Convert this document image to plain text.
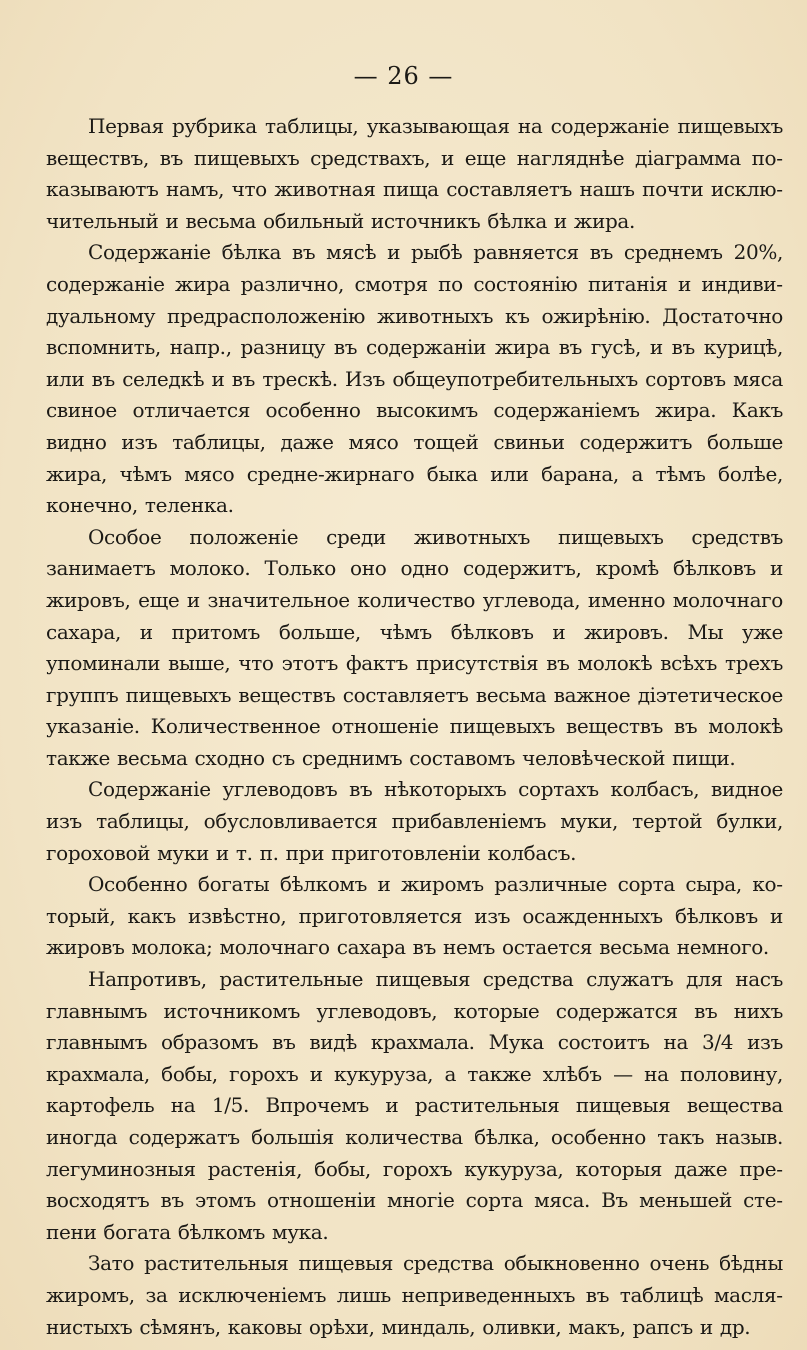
— 26 —

Первая рубрика таблицы, указывающая на содержанiе пищевыхъ веществъ, въ пищевыхъ средствахъ, и еще нагляднѣе дiаграмма показываютъ намъ, что животная пища составляетъ нашъ почти исключительный и весьма обильный источникъ бѣлка и жира.

Содержанiе бѣлка въ мясѣ и рыбѣ равняется въ среднемъ 20%, содержанiе жира различно, смотря по состоянiю питанiя и индивидуальному предрасположенiю животныхъ къ ожирѣнiю. Достаточно вспомнить, напр., разницу въ содержанiи жира въ гусѣ, и въ курицѣ, или въ селедкѣ и въ трескѣ. Изъ общеупотребительныхъ сортовъ мяса свиное отличается особенно высокимъ содержанiемъ жира. Какъ видно изъ таблицы, даже мясо тощей свиньи содержитъ больше жира, чѣмъ мясо средне-жирнаго быка или барана, а тѣмъ болѣе, конечно, теленка.

Особое положенiе среди животныхъ пищевыхъ средствъ занимаетъ молоко. Только оно одно содержитъ, кромѣ бѣлковъ и жировъ, еще и значительное количество углевода, именно молочнаго сахара, и притомъ больше, чѣмъ бѣлковъ и жировъ. Мы уже упоминали выше, что этотъ фактъ присутствiя въ молокѣ всѣхъ трехъ группъ пищевыхъ веществъ составляетъ весьма важное дiэтетическое указанiе. Количественное отношенiе пищевыхъ веществъ въ молокѣ также весьма сходно съ среднимъ составомъ человѣческой пищи.

Содержанiе углеводовъ въ нѣкоторыхъ сортахъ колбасъ, видное изъ таблицы, обусловливается прибавленiемъ муки, тертой булки, гороховой муки и т. п. при приготовленiи колбасъ.

Особенно богаты бѣлкомъ и жиромъ различные сорта сыра, который, какъ извѣстно, приготовляется изъ осажденныхъ бѣлковъ и жировъ молока; молочнаго сахара въ немъ остается весьма немного.

Напротивъ, растительные пищевыя средства служатъ для насъ главнымъ источникомъ углеводовъ, которые содержатся въ нихъ главнымъ образомъ въ видѣ крахмала. Мука состоитъ на 3/4 изъ крахмала, бобы, горохъ и кукуруза, а также хлѣбъ — на половину, картофель на 1/5. Впрочемъ и растительныя пищевыя вещества иногда содержатъ большiя количества бѣлка, особенно такъ назыв. легуминозныя растенiя, бобы, горохъ кукуруза, которыя даже превосходятъ въ этомъ отношенiи многiе сорта мяса. Въ меньшей степени богата бѣлкомъ мука.

Зато растительныя пищевыя средства обыкновенно очень бѣдны жиромъ, за исключенiемъ лишь неприведенныхъ въ таблицѣ маслянистыхъ сѣмянъ, каковы орѣхи, миндаль, оливки, макъ, рапсъ и др.
